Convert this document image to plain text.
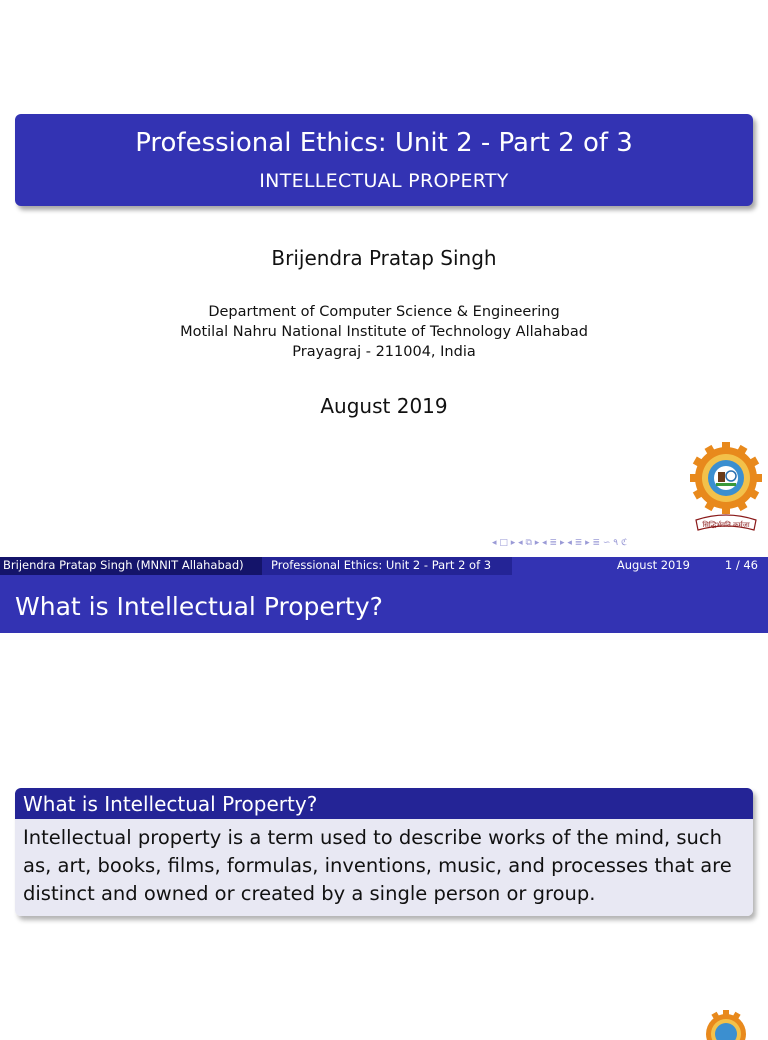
Professional Ethics: Unit 2 - Part 2 of 3
INTELLECTUAL PROPERTY
Brijendra Pratap Singh
Department of Computer Science & Engineering
Motilal Nahru National Institute of Technology Allahabad
Prayagraj - 211004, India
August 2019
सिद्धिर्भवति कर्मजा
◂ □ ▸ ◂ ⧉ ▸ ◂ ≣ ▸ ◂ ≣ ▸ ≣ ∽ ۹ ℭ
Brijendra Pratap Singh (MNNIT Allahabad)	Professional Ethics: Unit 2 - Part 2 of 3	August 2019	1 / 46
What is Intellectual Property?
What is Intellectual Property?
Intellectual property is a term used to describe works of the mind, such as, art, books, films, formulas, inventions, music, and processes that are distinct and owned or created by a single person or group.
